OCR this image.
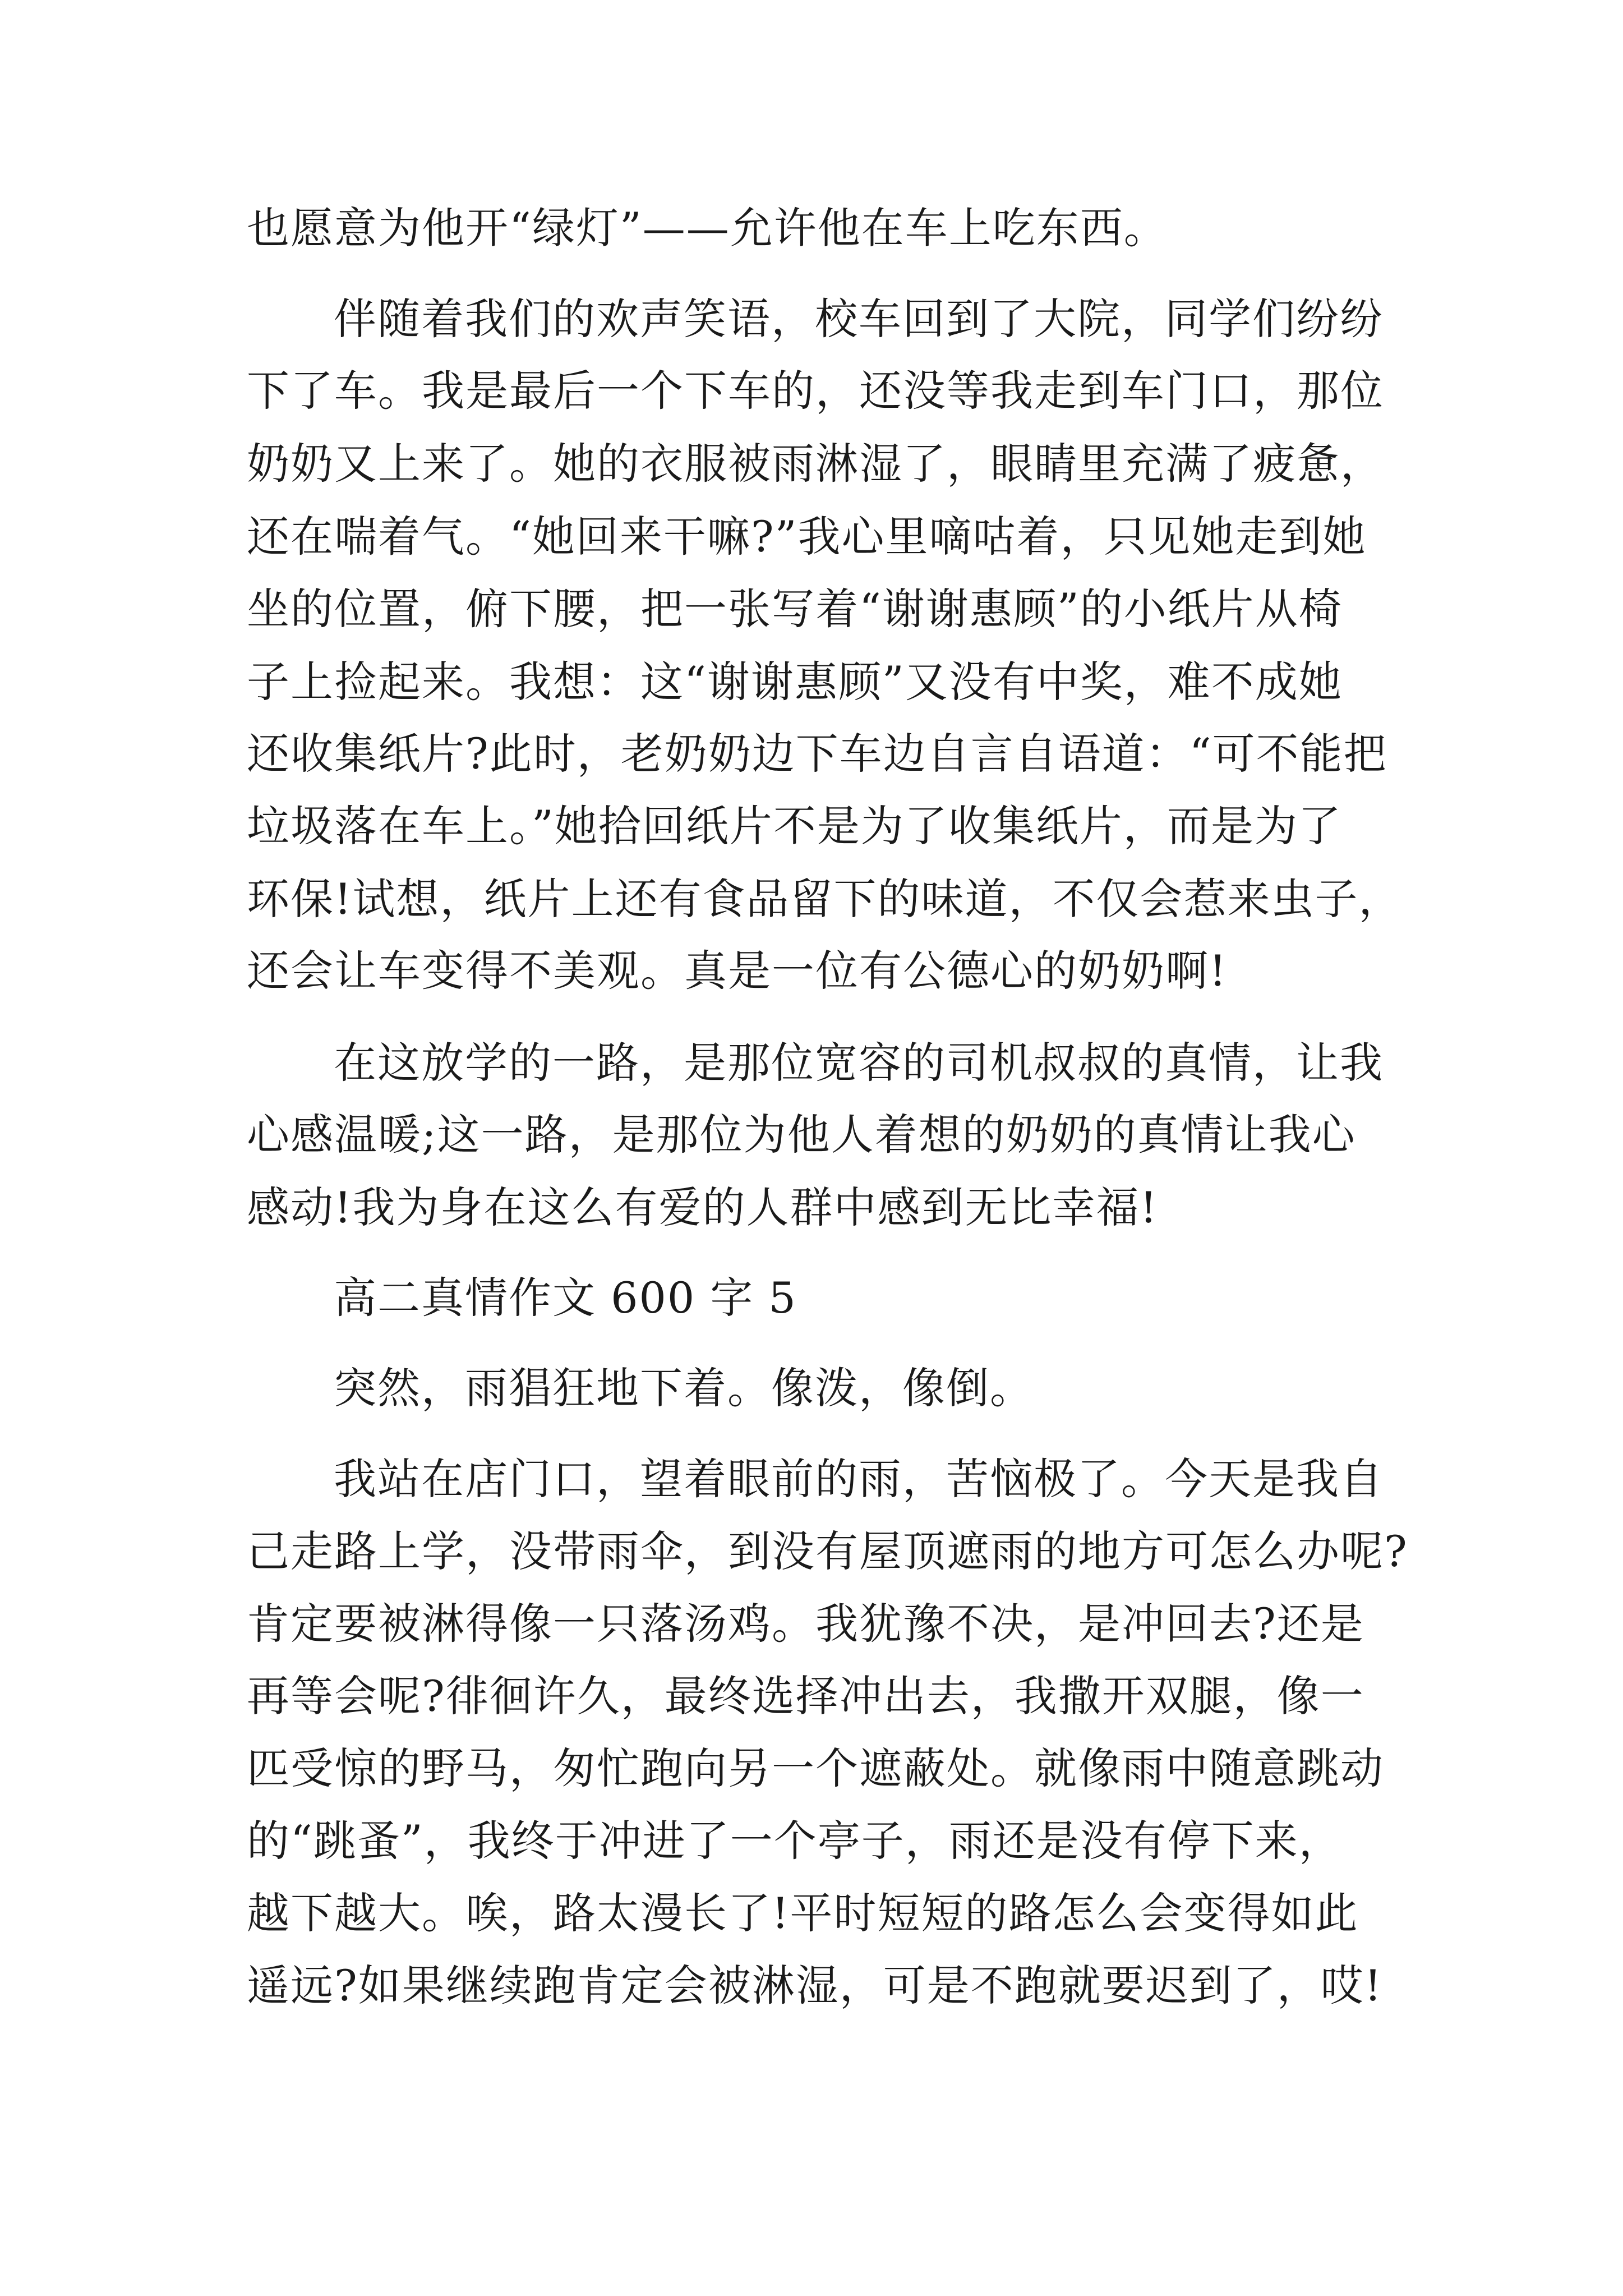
也愿意为他开“绿灯”——允许他在车上吃东西。
伴随着我们的欢声笑语，校车回到了大院，同学们纷纷
下了车。我是最后一个下车的，还没等我走到车门口，那位
奶奶又上来了。她的衣服被雨淋湿了，眼睛里充满了疲惫，
还在喘着气。“她回来干嘛?”我心里嘀咕着，只见她走到她
坐的位置，俯下腰，把一张写着“谢谢惠顾”的小纸片从椅
子上捡起来。我想：这“谢谢惠顾”又没有中奖，难不成她
还收集纸片?此时，老奶奶边下车边自言自语道：“可不能把
垃圾落在车上。”她拾回纸片不是为了收集纸片，而是为了
环保!试想，纸片上还有食品留下的味道，不仅会惹来虫子，
还会让车变得不美观。真是一位有公德心的奶奶啊!
在这放学的一路，是那位宽容的司机叔叔的真情，让我
心感温暖;这一路，是那位为他人着想的奶奶的真情让我心
感动!我为身在这么有爱的人群中感到无比幸福!
高二真情作文 600 字 5
突然，雨猖狂地下着。像泼，像倒。
我站在店门口，望着眼前的雨，苦恼极了。今天是我自
己走路上学，没带雨伞，到没有屋顶遮雨的地方可怎么办呢?
肯定要被淋得像一只落汤鸡。我犹豫不决，是冲回去?还是
再等会呢?徘徊许久，最终选择冲出去，我撒开双腿，像一
匹受惊的野马，匆忙跑向另一个遮蔽处。就像雨中随意跳动
的“跳蚤”，我终于冲进了一个亭子，雨还是没有停下来，
越下越大。唉，路太漫长了!平时短短的路怎么会变得如此
遥远?如果继续跑肯定会被淋湿，可是不跑就要迟到了，哎!
